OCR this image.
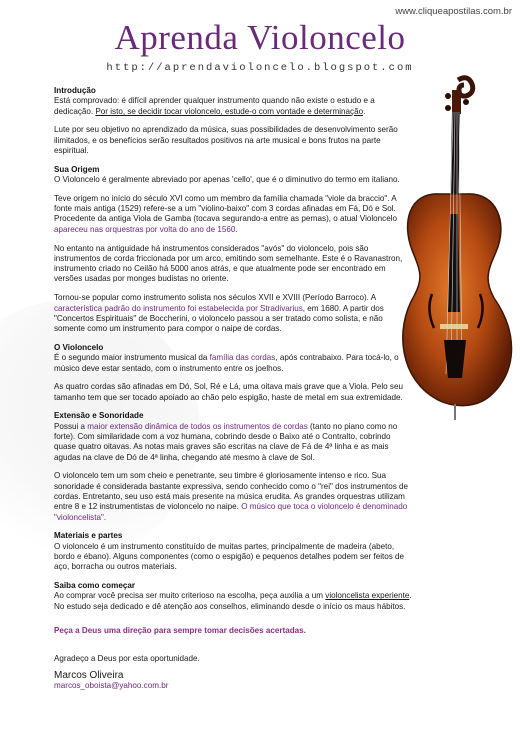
www.cliqueapostilas.com.br
Aprenda Violoncelo
http://aprendavioloncelo.blogspot.com

Introdução
Está comprovado: é difícil aprender qualquer instrumento quando não existe o estudo e a dedicação. Por isto, se decidir tocar violoncelo, estude-o com vontade e determinação.

Lute por seu objetivo no aprendizado da música, suas possibilidades de desenvolvimento serão ilimitados, e os benefícios serão resultados positivos na arte musical e bons frutos na parte espiritual.

Sua Origem
O Violoncelo é geralmente abreviado por apenas 'cello', que é o diminutivo do termo em italiano.

Teve origem no início do século XVI como um membro da família chamada "viole da braccio". A fonte mais antiga (1529) refere-se a um "violino-baixo" com 3 cordas afinadas em Fá, Dó e Sol. Procedente da antiga Viola de Gamba (tocava segurando-a entre as pernas), o atual Violoncelo apareceu nas orquestras por volta do ano de 1560.

No entanto na antiguidade há instrumentos considerados "avós" do violoncelo, pois são instrumentos de corda friccionada por um arco, emitindo som semelhante. Este é o Ravanastron, instrumento criado no Ceilão há 5000 anos atrás, e que atualmente pode ser encontrado em versões usadas por monges budistas no oriente.

Tornou-se popular como instrumento solista nos séculos XVII e XVIII (Período Barroco). A característica padrão do instrumento foi estabelecida por Stradivarius, em 1680. A partir dos "Concertos Espirituais" de Boccherini, o violoncelo passou a ser tratado como solista, e não somente como um instrumento para compor o naipe de cordas.

O Violoncelo
É o segundo maior instrumento musical da família das cordas, após contrabaixo. Para tocá-lo, o músico deve estar sentado, com o instrumento entre os joelhos.

As quatro cordas são afinadas em Dó, Sol, Ré e Lá, uma oitava mais grave que a Viola. Pelo seu tamanho tem que ser tocado apoiado ao chão pelo espigão, haste de metal em sua extremidade.

Extensão e Sonoridade
Possui a maior extensão dinâmica de todos os instrumentos de cordas (tanto no piano como no forte). Com similaridade com a voz humana, cobrindo desde o Baixo até o Contralto, cobrindo quase quatro oitavas. As notas mais graves são escritas na clave de Fá de 4ª linha e as mais agudas na clave de Dó de 4ª linha, chegando até mesmo à clave de Sol.

O violoncelo tem um som cheio e penetrante, seu timbre é gloriosamente intenso e rico. Sua sonoridade é considerada bastante expressiva, sendo conhecido como o "rei" dos instrumentos de cordas. Entretanto, seu uso está mais presente na música erudita. As grandes orquestras utilizam entre 8 e 12 instrumentistas de violoncelo no naipe. O músico que toca o violoncelo é denominado "violoncelista".

Materiais e partes
O violoncelo é um instrumento constituído de muitas partes, principalmente de madeira (abeto, bordo e ébano). Alguns componentes (como o espigão) e pequenos detalhes podem ser feitos de aço, borracha ou outros materiais.

Saiba como começar
Ao comprar você precisa ser muito criterioso na escolha, peça auxilia a um violoncelista experiente. No estudo seja dedicado e dê atenção aos conselhos, eliminando desde o início os maus hábitos.

Peça a Deus uma direção para sempre tomar decisões acertadas.

Agradeço a Deus por esta oportunidade.

Marcos Oliveira
marcos_oboista@yahoo.com.br
